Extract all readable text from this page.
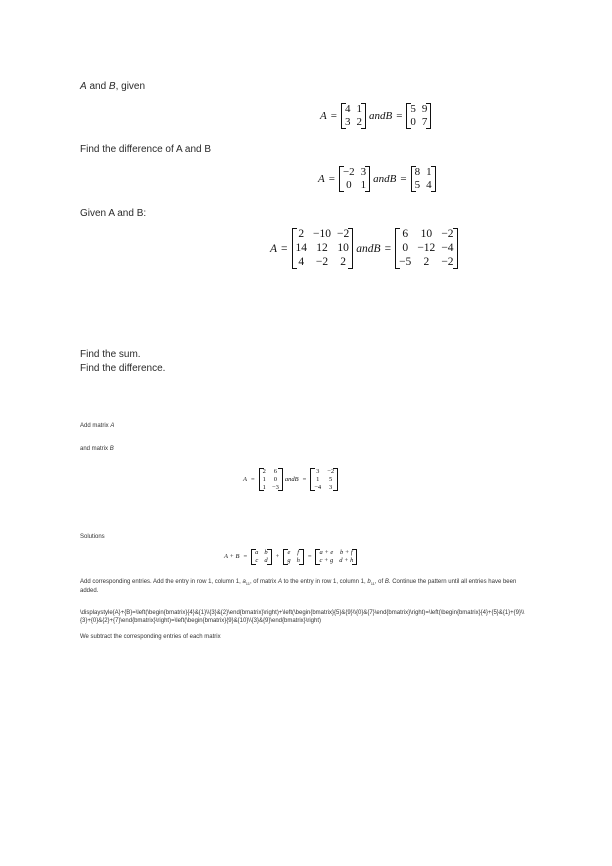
A and B, given
A =
4	1
3	2 and B =
5	9
0	7
Find the difference of A and B
A =
−2	3
0	1 and B =
8	1
5	4
Given A and B:
A =
2	−10	−2
14	12	10
4	−2	2
and B =
6	10	−2
0	−12	−4
−5	2	−2
Find the sum.
Find the difference.
Add matrix A
and matrix B
A =
2	6
1	0
1	−3
and B =
3	−2
1	5
−4	3
Solutions
A + B =
a	b
c	d +
e	f
g	h =
a + e	b + f
c + g	d + h
Add corresponding entries. Add the entry in row 1, column 1, $a_{11}$, of matrix A to the entry in row 1, column 1, $b_{11}$, of B. Continue the pattern until all entries have been added.
\displaystyle{A}+{B}=\left(\begin{bmatrix}{4}&{1}\\{3}&{2}\end{bmatrix}\right)+\left(\begin{bmatrix}{5}&{9}\\{0}&{7}\end{bmatrix}\right)=\left(\begin{bmatrix}{4}+{5}&{1}+{9}\\{3}+{0}&{2}+{7}\end{bmatrix}\right)=\left(\begin{bmatrix}{9}&{10}\\{3}&{9}\end{bmatrix}\right)
We subtract the corresponding entries of each matrix
